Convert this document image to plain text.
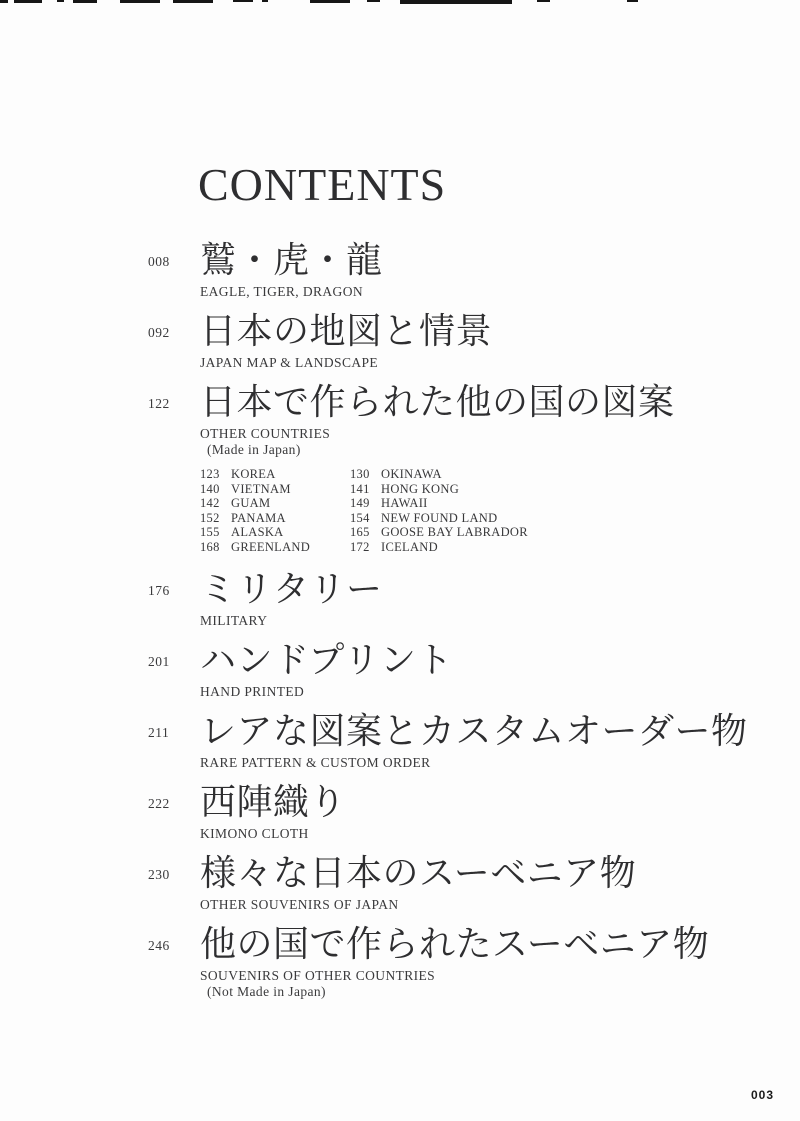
CONTENTS
008 鷲・虎・龍
EAGLE, TIGER, DRAGON
092 日本の地図と情景
JAPAN MAP & LANDSCAPE
122 日本で作られた他の国の図案
OTHER COUNTRIES
(Made in Japan)
123 KOREA
140 VIETNAM
142 GUAM
152 PANAMA
155 ALASKA
168 GREENLAND
130 OKINAWA
141 HONG KONG
149 HAWAII
154 NEW FOUND LAND
165 GOOSE BAY LABRADOR
172 ICELAND
176 ミリタリー
MILITARY
201 ハンドプリント
HAND PRINTED
211 レアな図案とカスタムオーダー物
RARE PATTERN & CUSTOM ORDER
222 西陣織り
KIMONO CLOTH
230 様々な日本のスーベニア物
OTHER SOUVENIRS OF JAPAN
246 他の国で作られたスーベニア物
SOUVENIRS OF OTHER COUNTRIES
(Not Made in Japan)
003
